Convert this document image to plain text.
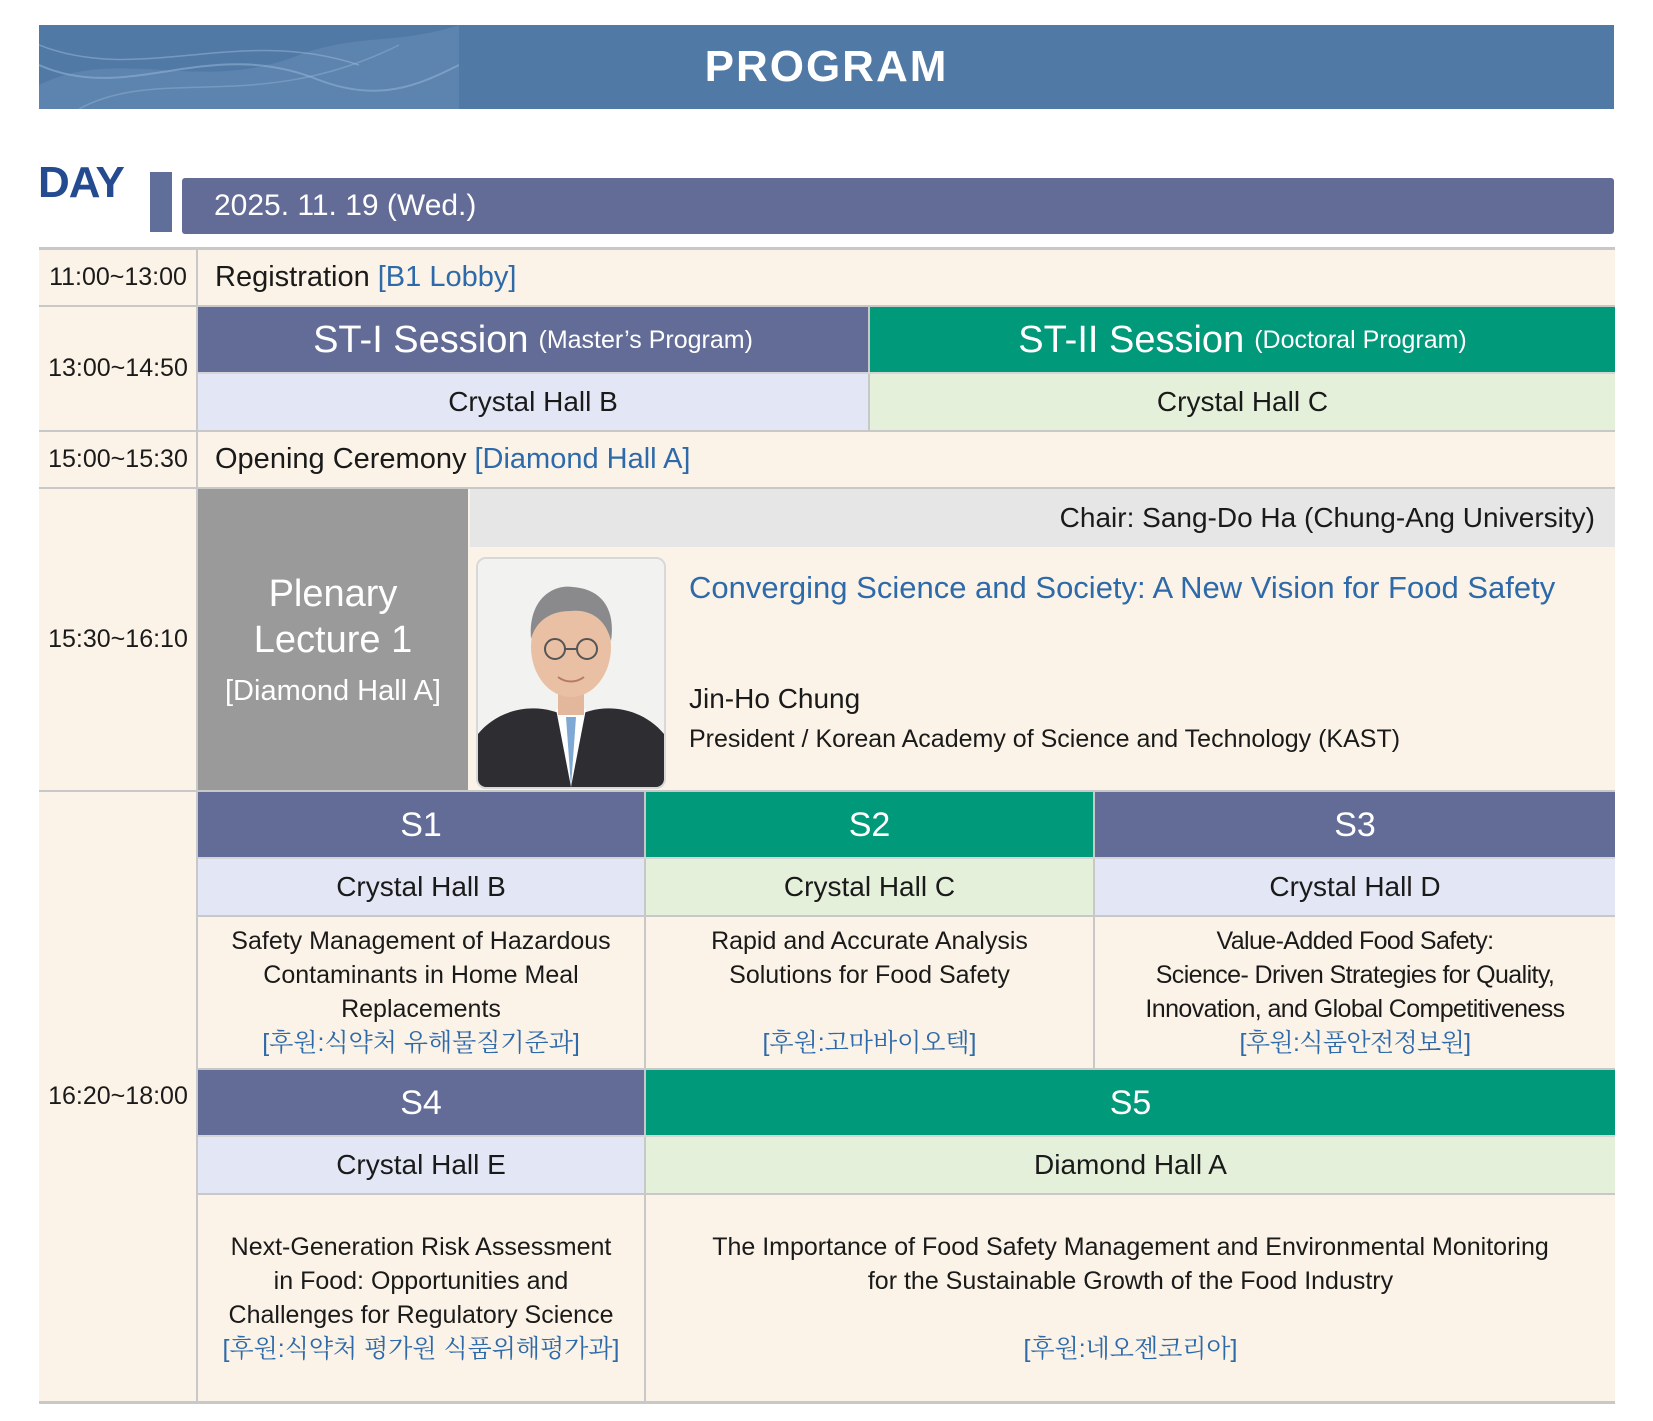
PROGRAM
DAY	2025. 11. 19 (Wed.)
11:00~13:00 Registration [B1 Lobby]
13:00~14:50
ST-I Session (Master’s Program)	ST-II Session (Doctoral Program)
Crystal Hall B	Crystal Hall C
15:00~15:30 Opening Ceremony [Diamond Hall A]
15:30~16:10
Plenary
Lecture 1
[Diamond Hall A]
Chair: Sang-Do Ha (Chung-Ang University)
Converging Science and Society: A New Vision for Food Safety
Jin-Ho Chung
President / Korean Academy of Science and Technology (KAST)
16:20~18:00
S1	S2	S3
Crystal Hall B	Crystal Hall C	Crystal Hall D
Safety Management of Hazardous
Contaminants in Home Meal
Replacements
[후원:식약처 유해물질기준과]
Rapid and Accurate Analysis
Solutions for Food Safety
[후원:고마바이오텍]
Value-Added Food Safety:
Science- Driven Strategies for Quality,
Innovation, and Global Competitiveness
[후원:식품안전정보원]
S4	S5
Crystal Hall E	Diamond Hall A
Next-Generation Risk Assessment
in Food: Opportunities and
Challenges for Regulatory Science
[후원:식약처 평가원 식품위해평가과]
The Importance of Food Safety Management and Environmental Monitoring
for the Sustainable Growth of the Food Industry
[후원:네오젠코리아]
